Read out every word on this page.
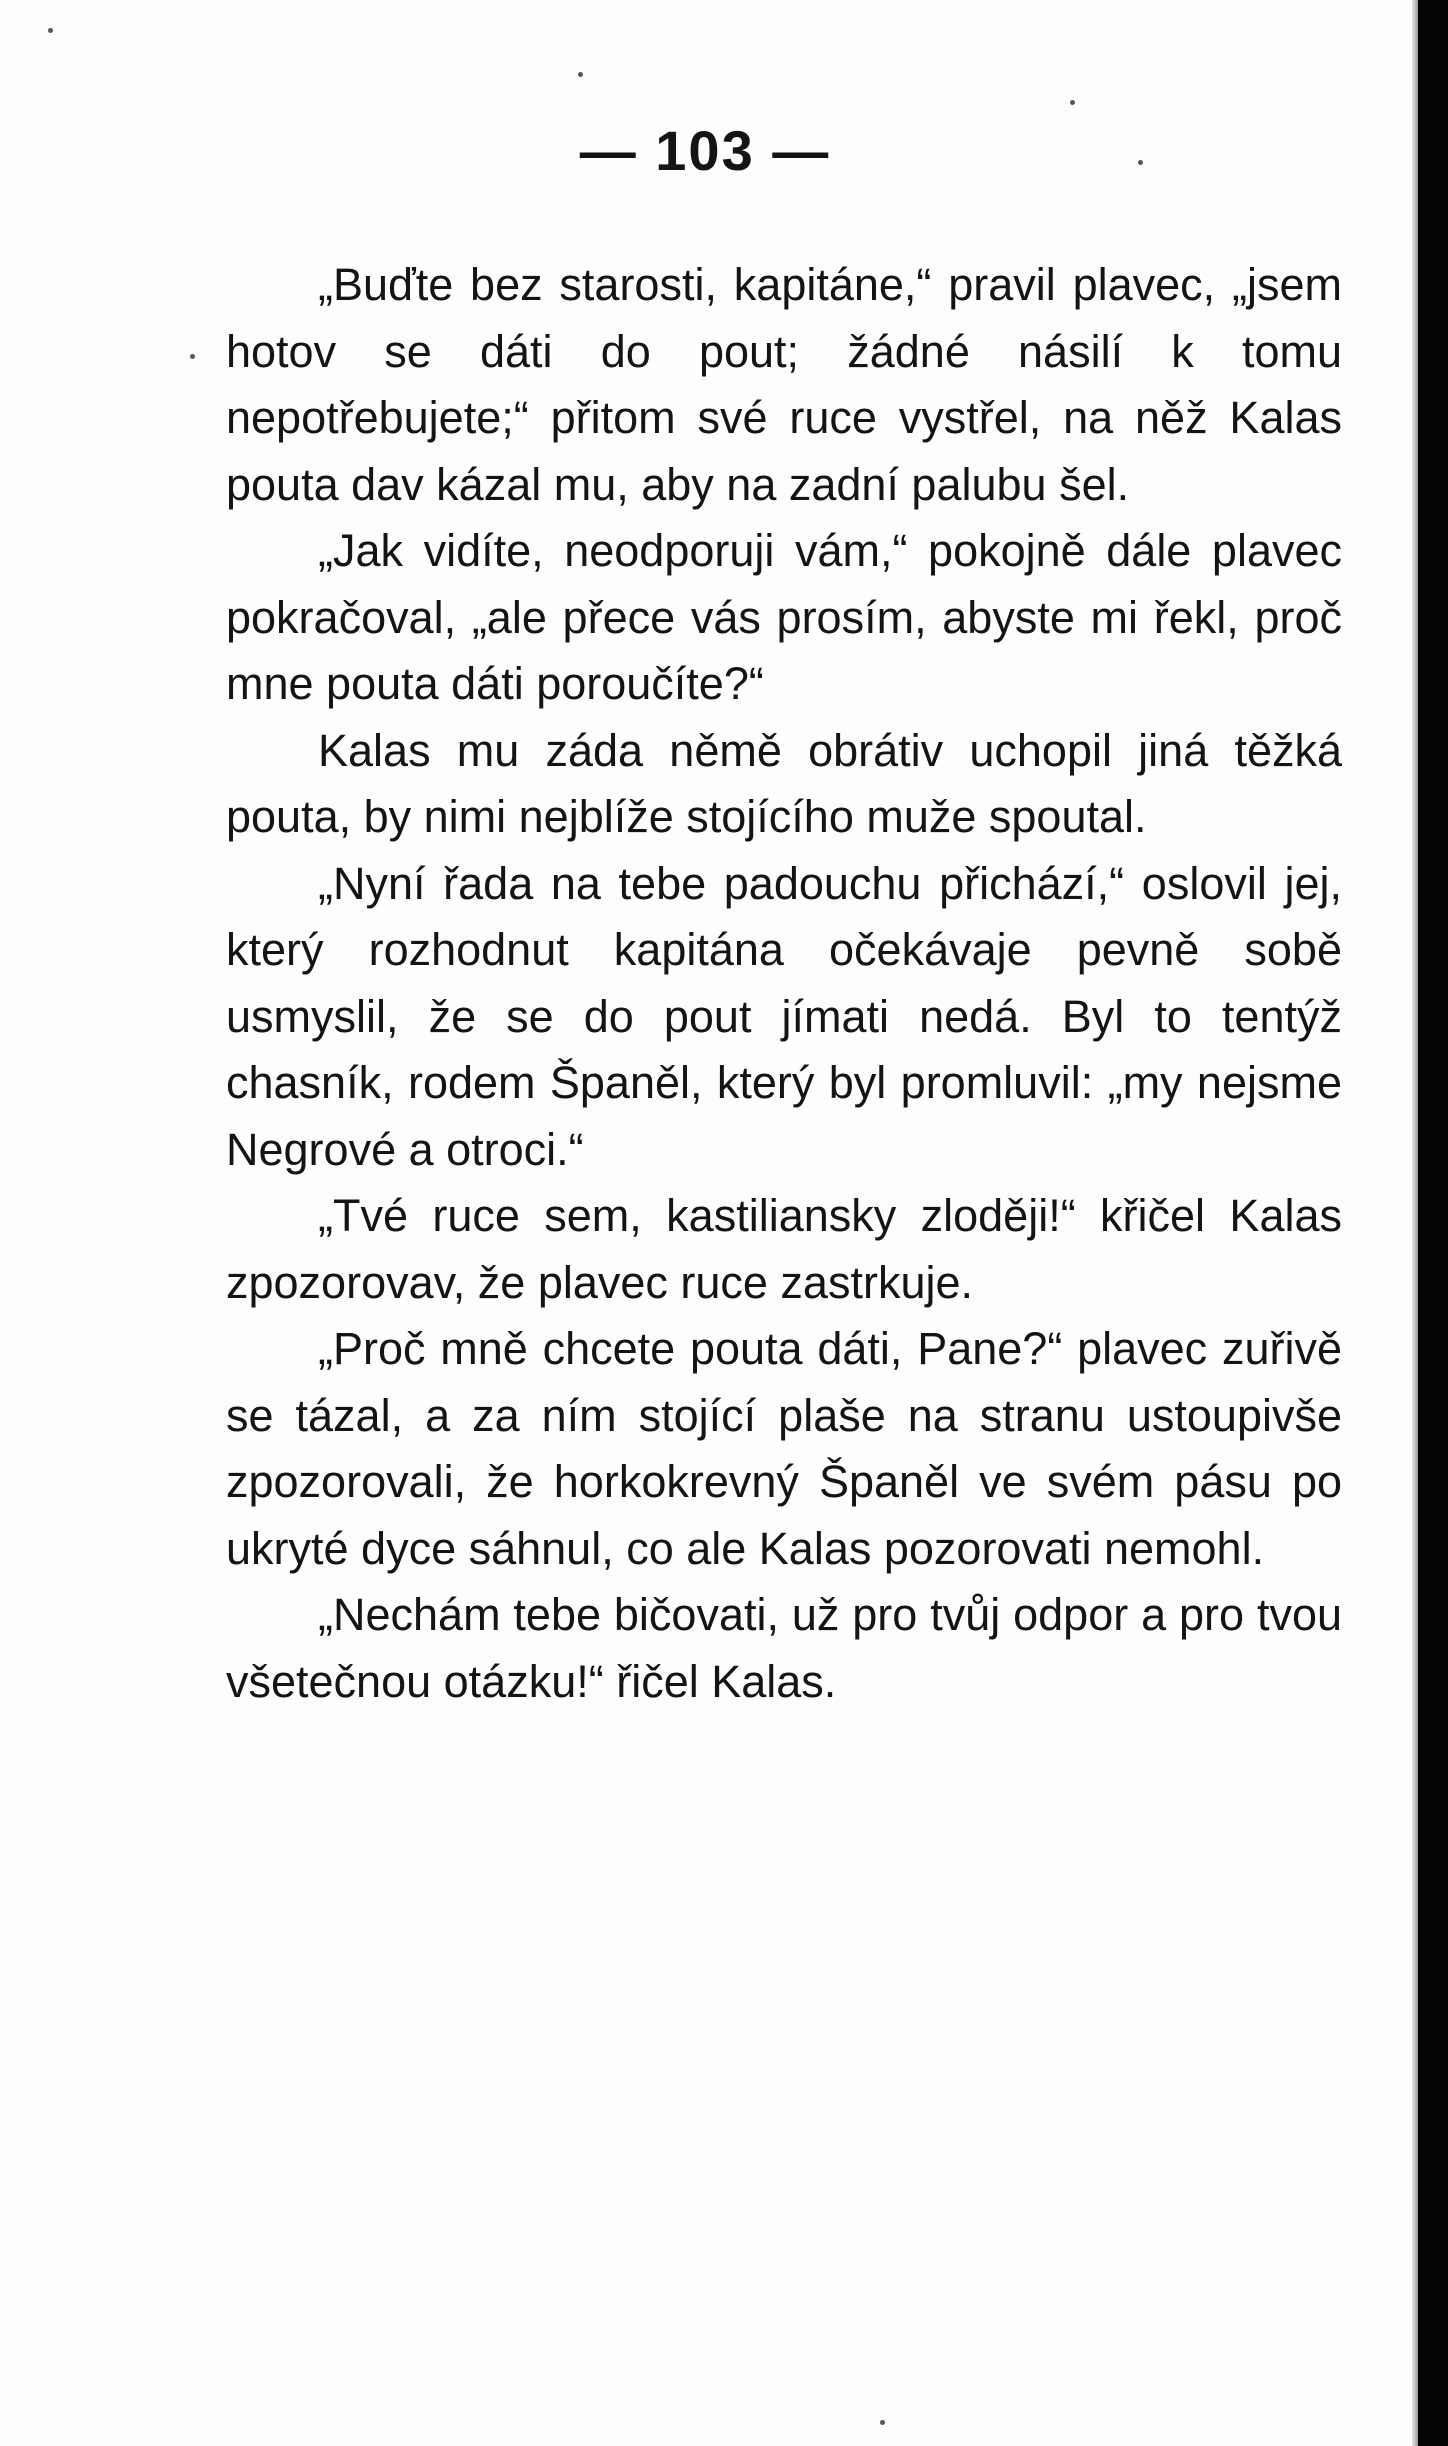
— 103 —

„Buďte bez starosti, kapitáne,“ pravil plavec, „jsem hotov se dáti do pout; žádné násilí k tomu nepotřebujete;“ přitom své ruce vystřel, na něž Kalas pouta dav kázal mu, aby na zadní palubu šel.

„Jak vidíte, neodporuji vám,“ pokojně dále plavec pokračoval, „ale přece vás prosím, abyste mi řekl, proč mne pouta dáti poroučíte?“

Kalas mu záda němě obrátiv uchopil jiná těžká pouta, by nimi nejblíže stojícího muže spoutal.

„Nyní řada na tebe padouchu přichází,“ oslovil jej, který rozhodnut kapitána očekávaje pevně sobě usmyslil, že se do pout jímati nedá. Byl to tentýž chasník, rodem Španěl, který byl promluvil: „my nejsme Negrové a otroci.“

„Tvé ruce sem, kastiliansky zloději!“ křičel Kalas zpozorovav, že plavec ruce zastrkuje.

„Proč mně chcete pouta dáti, Pane?“ plavec zuřivě se tázal, a za ním stojící plaše na stranu ustoupivše zpozorovali, že horkokrevný Španěl ve svém pásu po ukryté dyce sáhnul, co ale Kalas pozorovati nemohl.

„Nechám tebe bičovati, už pro tvůj odpor a pro tvou všetečnou otázku!“ řičel Kalas.
